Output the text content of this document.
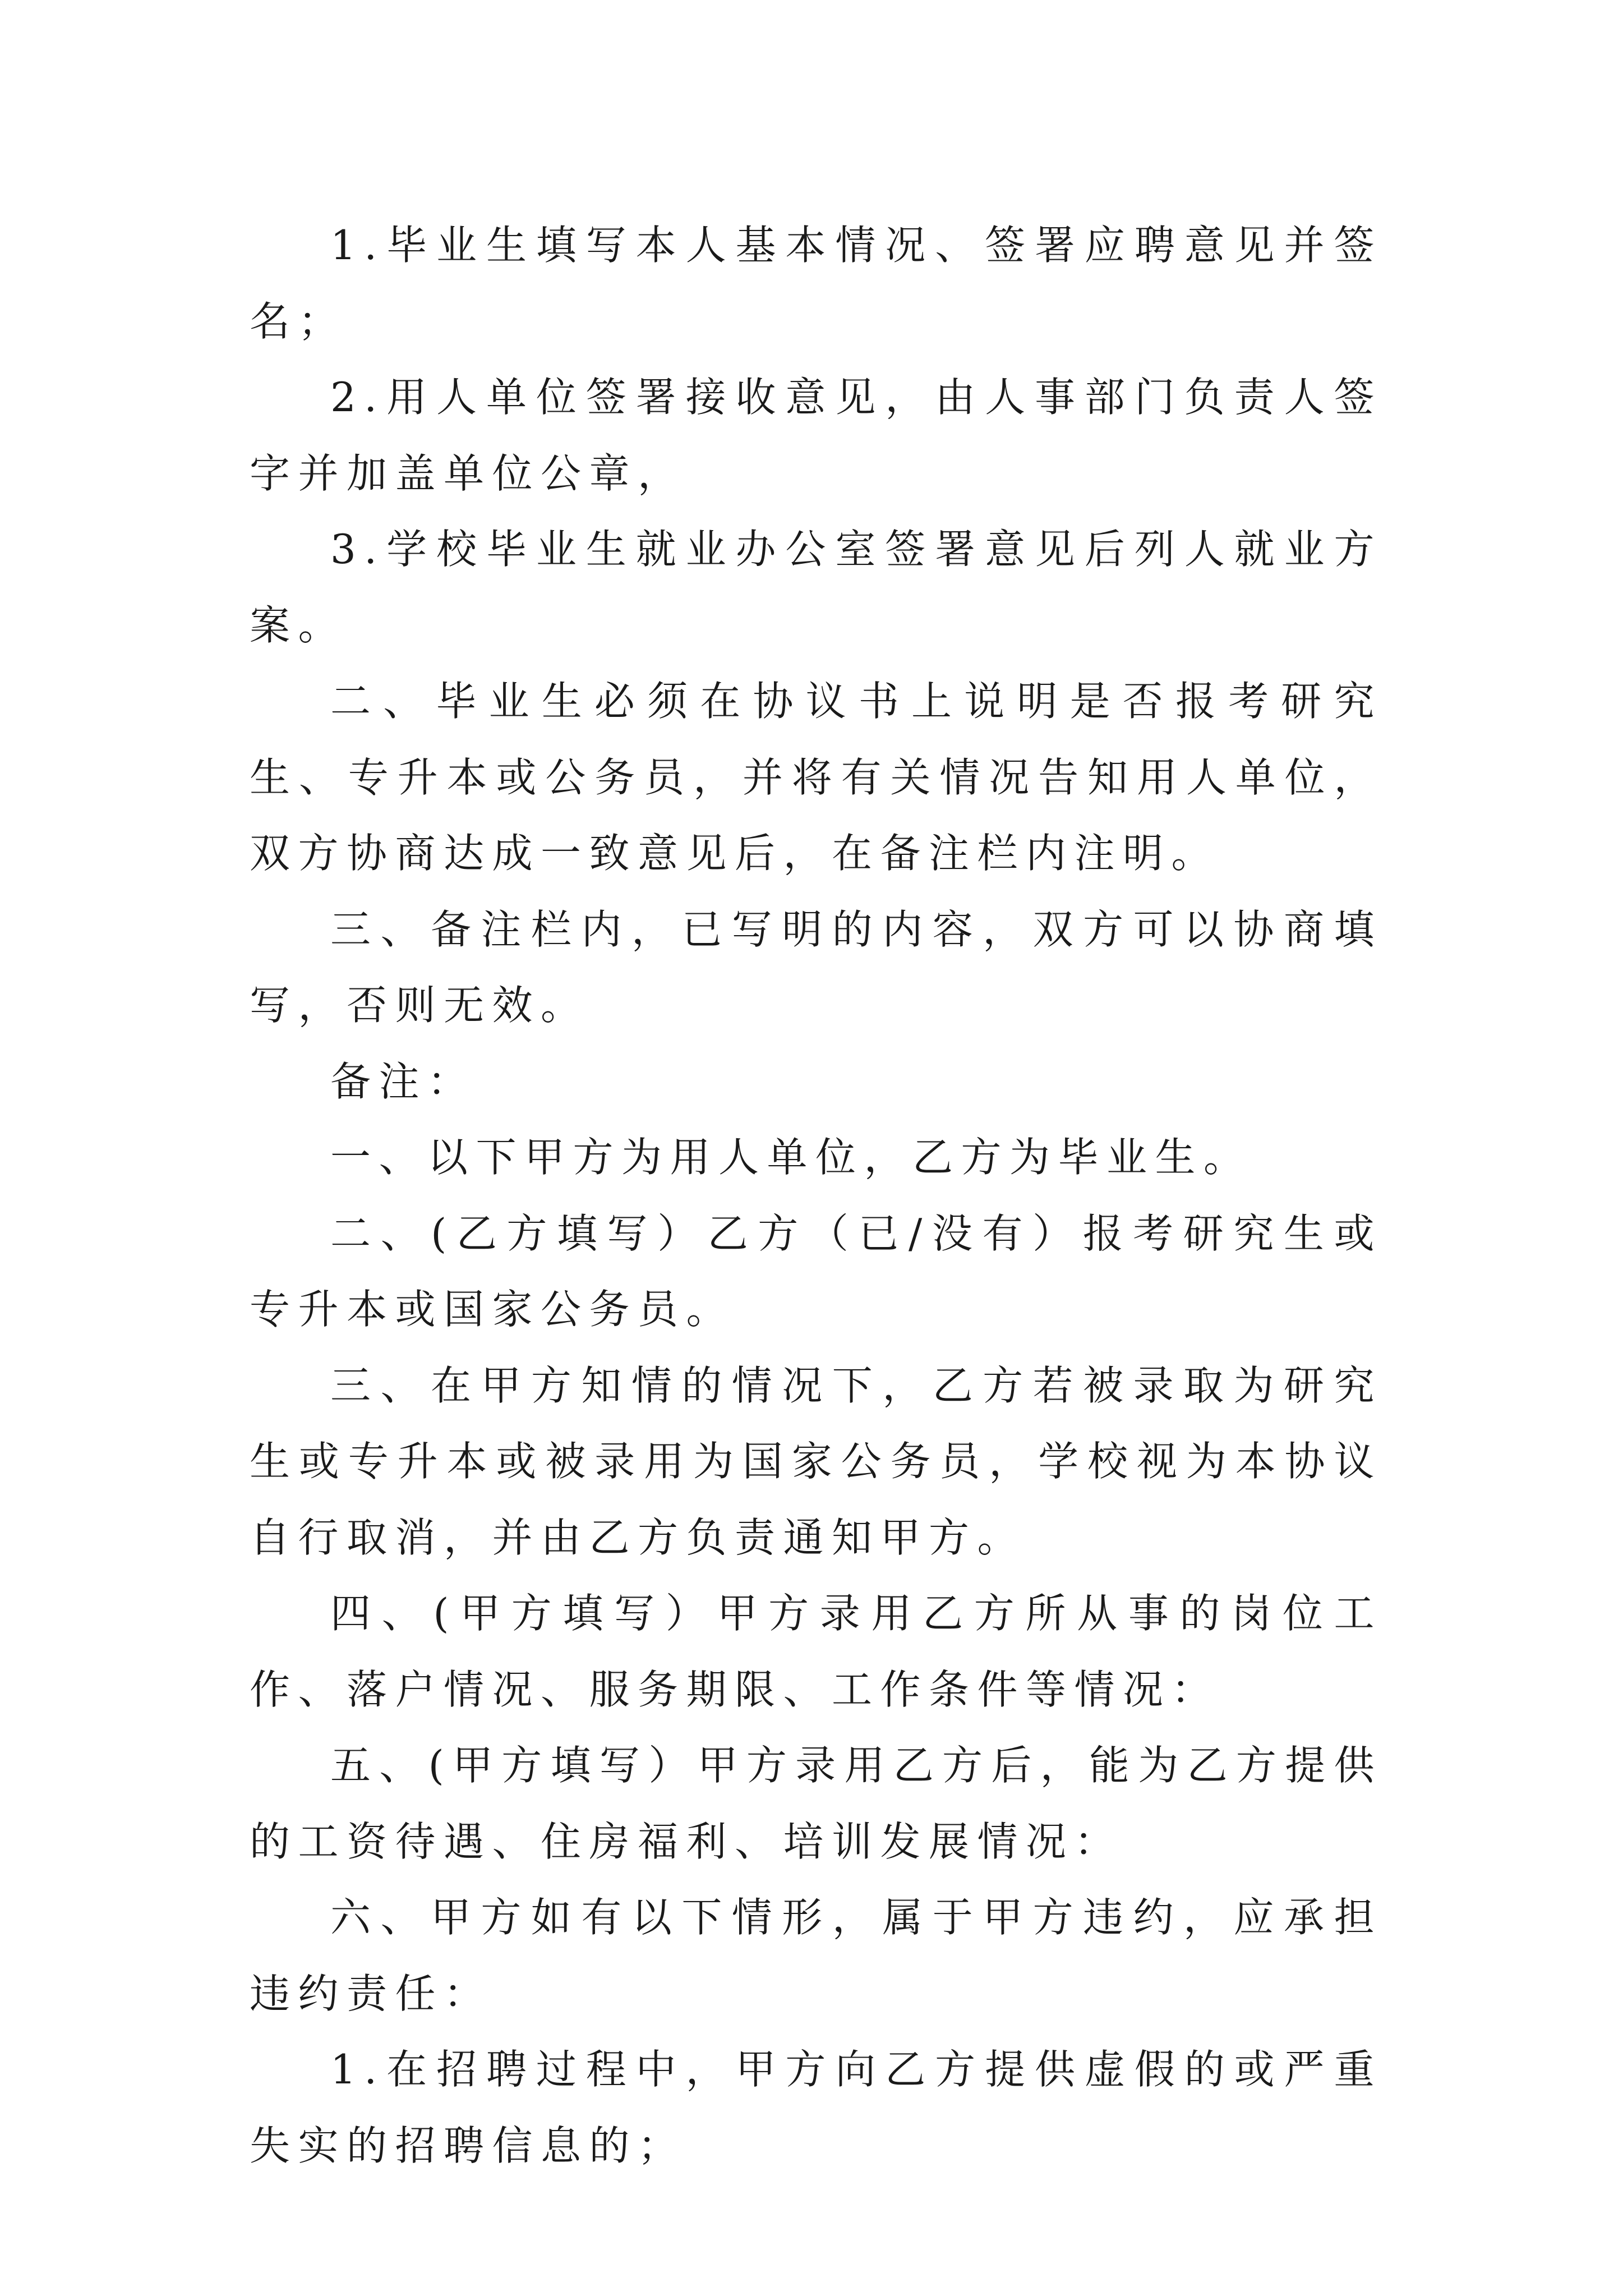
1.毕业生填写本人基本情况、签署应聘意见并签名；

2.用人单位签署接收意见，由人事部门负责人签字并加盖单位公章，

3.学校毕业生就业办公室签署意见后列人就业方案。

二、毕业生必须在协议书上说明是否报考研究生、专升本或公务员，并将有关情况告知用人单位，双方协商达成一致意见后，在备注栏内注明。

三、备注栏内，已写明的内容，双方可以协商填写，否则无效。

备注：

一、以下甲方为用人单位，乙方为毕业生。

二、(乙方填写）乙方（已/没有）报考研究生或专升本或国家公务员。

三、在甲方知情的情况下，乙方若被录取为研究生或专升本或被录用为国家公务员，学校视为本协议自行取消，并由乙方负责通知甲方。

四、(甲方填写）甲方录用乙方所从事的岗位工作、落户情况、服务期限、工作条件等情况：

五、(甲方填写）甲方录用乙方后，能为乙方提供的工资待遇、住房福利、培训发展情况：

六、甲方如有以下情形，属于甲方违约，应承担违约责任：

1.在招聘过程中，甲方向乙方提供虚假的或严重失实的招聘信息的；
